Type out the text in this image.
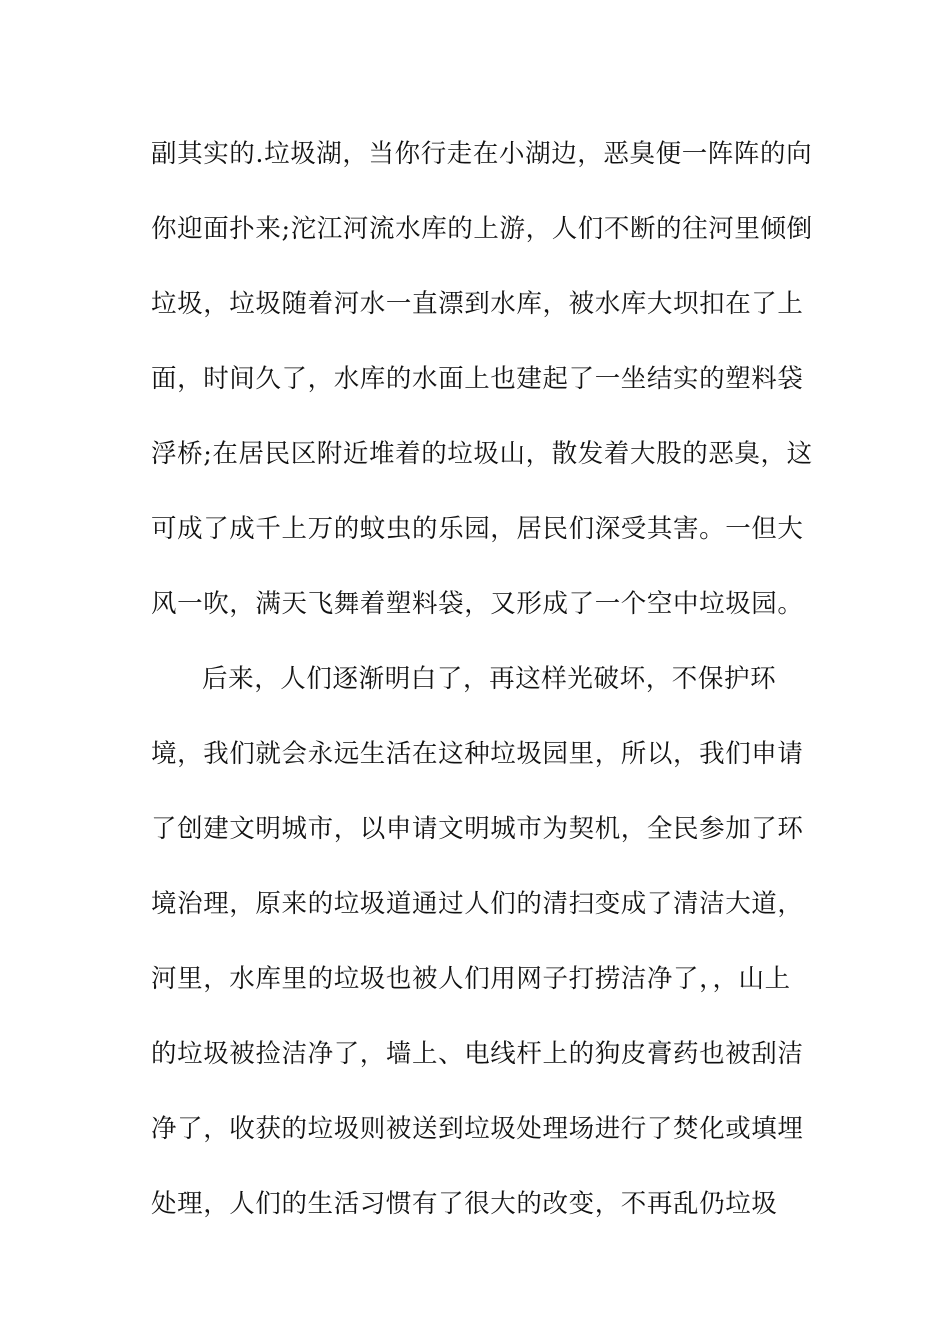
副其实的.垃圾湖，当你行走在小湖边，恶臭便一阵阵的向
你迎面扑来;沱江河流水库的上游，人们不断的往河里倾倒
垃圾，垃圾随着河水一直漂到水库，被水库大坝扣在了上
面，时间久了，水库的水面上也建起了一坐结实的塑料袋
浮桥;在居民区附近堆着的垃圾山，散发着大股的恶臭，这
可成了成千上万的蚊虫的乐园，居民们深受其害。一但大
风一吹，满天飞舞着塑料袋，又形成了一个空中垃圾园。
后来，人们逐渐明白了，再这样光破坏，不保护环
境，我们就会永远生活在这种垃圾园里，所以，我们申请
了创建文明城市，以申请文明城市为契机，全民参加了环
境治理，原来的垃圾道通过人们的清扫变成了清洁大道，
河里，水库里的垃圾也被人们用网子打捞洁净了，，山上
的垃圾被捡洁净了，墙上、电线杆上的狗皮膏药也被刮洁
净了，收获的垃圾则被送到垃圾处理场进行了焚化或填埋
处理，人们的生活习惯有了很大的改变，不再乱仍垃圾
